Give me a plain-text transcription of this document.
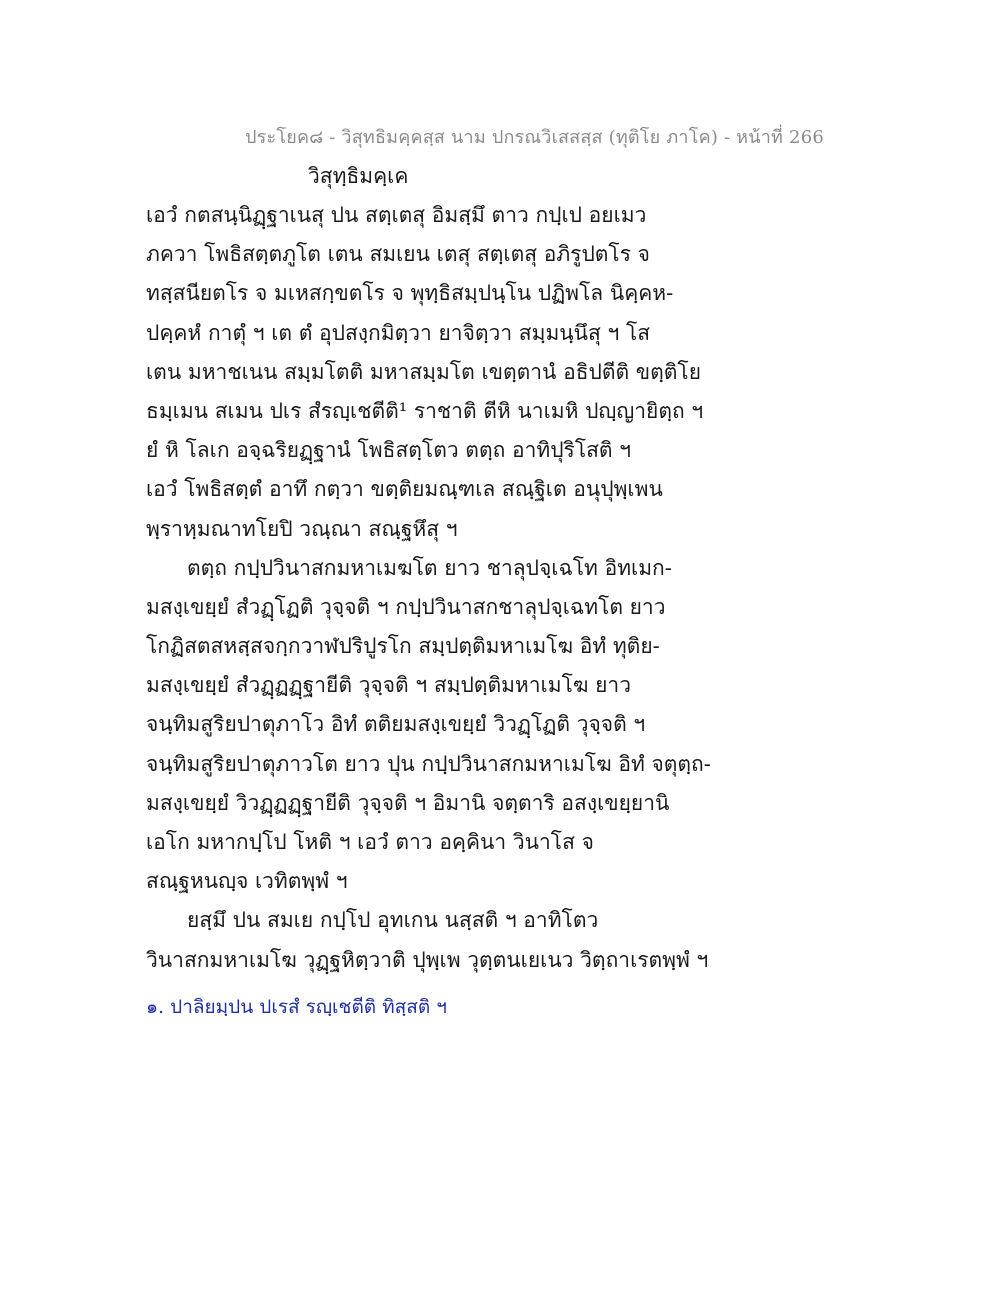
ประโยค๘ - วิสุทธิมคฺคสฺส นาม ปกรณวิเสสสฺส (ทุติโย ภาโค) - หน้าที่ 266
วิสุทฺธิมคฺเค
เอวํ กตสนฺนิฏฺฐาเนสุ ปน สตฺเตสุ อิมสฺมึ ตาว กปฺเป อยเมว
ภควา โพธิสตฺตภูโต เตน สมเยน เตสุ สตฺเตสุ อภิรูปตโร จ
ทสฺสนียตโร จ มเหสกฺขตโร จ พุทฺธิสมฺปนฺโน ปฏิพโล นิคฺคห-
ปคฺคหํ กาตุํ ฯ เต ตํ อุปสงฺกมิตฺวา ยาจิตฺวา สมฺมนฺนึสุ ฯ โส
เตน มหาชเนน สมฺมโตติ มหาสมฺมโต เขตฺตานํ อธิปตีติ ขตฺติโย
ธมฺเมน สเมน ปเร สํรญฺเชตีติ¹ ราชาติ ตีหิ นาเมหิ ปญฺญายิตฺถ ฯ
ยํ หิ โลเก อจฺฉริยฏฺฐานํ โพธิสตฺโตว ตตฺถ อาทิปุริโสติ ฯ
เอวํ โพธิสตฺตํ อาทึ กตฺวา ขตฺติยมณฺฑเล สณฺฐิเต อนุปุพฺเพน
พฺราหฺมณาทโยปิ วณฺณา สณฺฐหึสุ ฯ
ตตฺถ กปฺปวินาสกมหาเมฆโต ยาว ชาลุปจฺเฉโท อิทเมก-
มสงฺเขยฺยํ สํวฏฺโฏติ วุจฺจติ ฯ กปฺปวินาสกชาลุปจฺเฉทโต ยาว
โกฏิสตสหสฺสจกฺกวาฬปริปูรโก สมฺปตฺติมหาเมโฆ อิทํ ทุติย-
มสงฺเขยฺยํ สํวฏฺฏฏฺฐายีติ วุจฺจติ ฯ สมฺปตฺติมหาเมโฆ ยาว
จนฺทิมสูริยปาตุภาโว อิทํ ตติยมสงฺเขยฺยํ วิวฏฺโฏติ วุจฺจติ ฯ
จนฺทิมสูริยปาตุภาวโต ยาว ปุน กปฺปวินาสกมหาเมโฆ อิทํ จตุตฺถ-
มสงฺเขยฺยํ วิวฏฺฏฏฺฐายีติ วุจฺจติ ฯ อิมานิ จตฺตาริ อสงฺเขยฺยานิ
เอโก มหากปฺโป โหติ ฯ เอวํ ตาว อคฺคินา วินาโส จ
สณฺฐหนญฺจ เวทิตพฺพํ ฯ
ยสฺมึ ปน สมเย กปฺโป อุทเกน นสฺสติ ฯ อาทิโตว
วินาสกมหาเมโฆ วุฏฺฐหิตฺวาติ ปุพฺเพ วุตฺตนเยเนว วิตฺถาเรตพฺพํ ฯ
๑. ปาลิยมฺปน ปเรสํ รญฺเชตีติ ทิสฺสติ ฯ
